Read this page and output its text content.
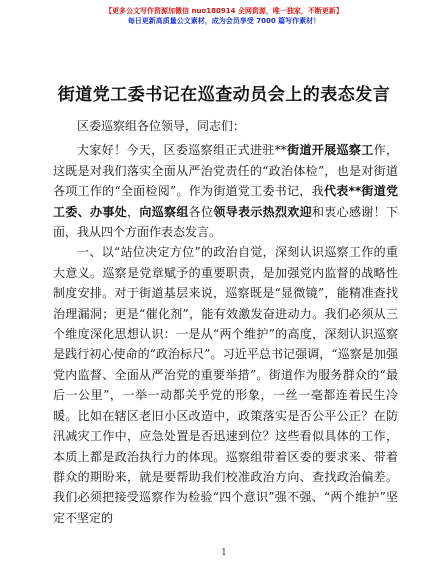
【更多公文写作资源加微信 nuo180914 全网资源，唯一独家，不断更新】
每日更新高质量公文素材，成为会员享受 7000 篇写作素材！
街道党工委书记在巡查动员会上的表态发言

区委巡察组各位领导，同志们：

大家好！今天，区委巡察组正式进驻**街道开展巡察工作，这既是对我们落实全面从严治党责任的“政治体检”，也是对街道各项工作的“全面检阅”。作为街道党工委书记，我代表**街道党工委、办事处，向巡察组各位领导表示热烈欢迎和衷心感谢！下面，我从四个方面作表态发言。

一、以“站位决定方位”的政治自觉，深刻认识巡察工作的重大意义。巡察是党章赋予的重要职责，是加强党内监督的战略性制度安排。对于街道基层来说，巡察既是“显微镜”，能精准查找治理漏洞；更是“催化剂”，能有效激发奋进动力。我们必须从三个维度深化思想认识：一是从“两个维护”的高度，深刻认识巡察是践行初心使命的“政治标尺”。习近平总书记强调，“巡察是加强党内监督、全面从严治党的重要举措”。街道作为服务群众的“最后一公里”，一举一动都关乎党的形象，一丝一毫都连着民生冷暖。比如在辖区老旧小区改造中，政策落实是否公平公正？在防汛减灾工作中，应急处置是否迅速到位？这些看似具体的工作，本质上都是政治执行力的体现。巡察组带着区委的要求来、带着群众的期盼来，就是要帮助我们校准政治方向、查找政治偏差。我们必须把接受巡察作为检验“四个意识”强不强、“两个维护”坚定不坚定的

1
